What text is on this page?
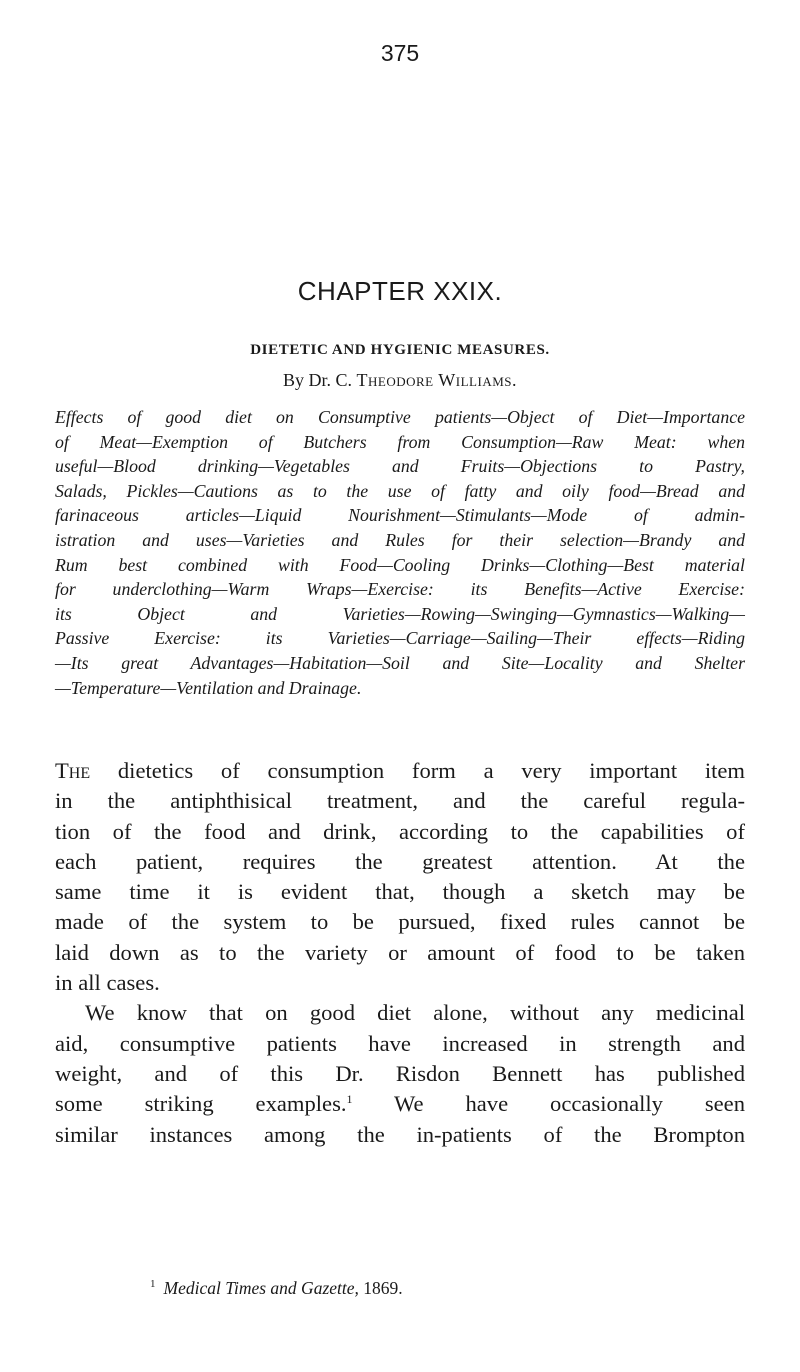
375
CHAPTER XXIX.
DIETETIC AND HYGIENIC MEASURES.
By Dr. C. Theodore Williams.
Effects of good diet on Consumptive patients—Object of Diet—Importance
of Meat—Exemption of Butchers from Consumption—Raw Meat: when
useful—Blood drinking—Vegetables and Fruits—Objections to Pastry,
Salads, Pickles—Cautions as to the use of fatty and oily food—Bread and
farinaceous articles—Liquid Nourishment—Stimulants—Mode of admin-
istration and uses—Varieties and Rules for their selection—Brandy and
Rum best combined with Food—Cooling Drinks—Clothing—Best material
for underclothing—Warm Wraps—Exercise: its Benefits—Active Exercise:
its Object and Varieties—Rowing—Swinging—Gymnastics—Walking—
Passive Exercise: its Varieties—Carriage—Sailing—Their effects—Riding
—Its great Advantages—Habitation—Soil and Site—Locality and Shelter
—Temperature—Ventilation and Drainage.
The dietetics of consumption form a very important item
in the antiphthisical treatment, and the careful regula-
tion of the food and drink, according to the capabilities of
each patient, requires the greatest attention. At the
same time it is evident that, though a sketch may be
made of the system to be pursued, fixed rules cannot be
laid down as to the variety or amount of food to be taken
in all cases.
We know that on good diet alone, without any medicinal
aid, consumptive patients have increased in strength and
weight, and of this Dr. Risdon Bennett has published
some striking examples.$^1$ We have occasionally seen
similar instances among the in-patients of the Brompton
$^1$ Medical Times and Gazette, 1869.
